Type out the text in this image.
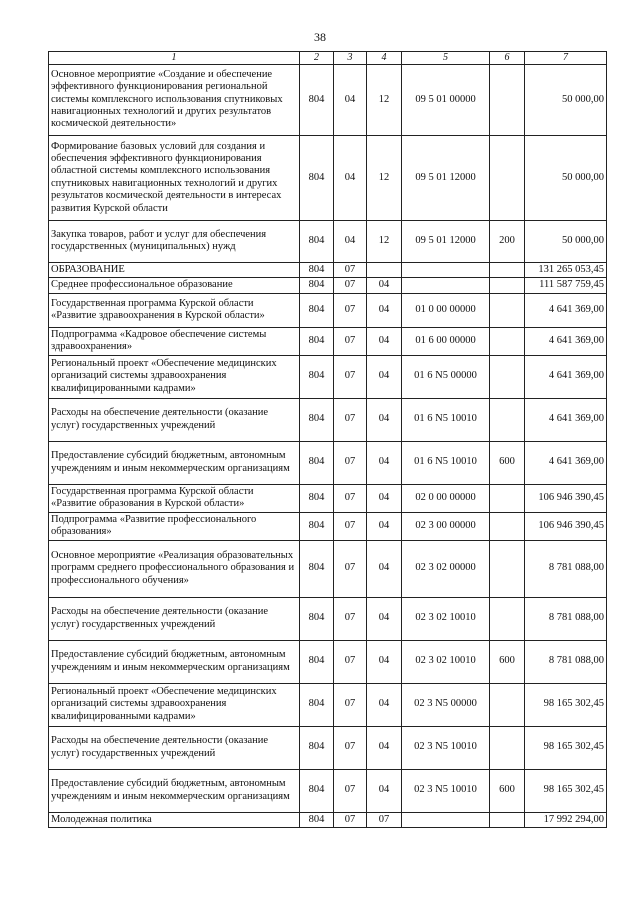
38
1	2	3	4	5	6	7
Основное мероприятие «Создание и обеспечение эффективного функционирования региональной системы комплексного использования спутниковых навигационных технологий и других результатов космической деятельности»	804	04	12	09 5 01 00000		50 000,00
Формирование базовых условий для создания и обеспечения эффективного функционирования областной системы комплексного использования спутниковых навигационных технологий и других результатов космической деятельности в интересах развития Курской области	804	04	12	09 5 01 12000		50 000,00
Закупка товаров, работ и услуг для обеспечения государственных (муниципальных) нужд	804	04	12	09 5 01 12000	200	50 000,00
ОБРАЗОВАНИЕ	804	07				131 265 053,45
Среднее профессиональное образование	804	07	04			111 587 759,45
Государственная программа Курской области «Развитие здравоохранения в Курской области»	804	07	04	01 0 00 00000		4 641 369,00
Подпрограмма «Кадровое обеспечение системы здравоохранения»	804	07	04	01 6 00 00000		4 641 369,00
Региональный проект «Обеспечение медицинских организаций системы здравоохранения квалифицированными кадрами»	804	07	04	01 6 N5 00000		4 641 369,00
Расходы на обеспечение деятельности (оказание услуг) государственных учреждений	804	07	04	01 6 N5 10010		4 641 369,00
Предоставление субсидий бюджетным, автономным учреждениям и иным некоммерческим организациям	804	07	04	01 6 N5 10010	600	4 641 369,00
Государственная программа Курской области «Развитие образования в Курской области»	804	07	04	02 0 00 00000		106 946 390,45
Подпрограмма «Развитие профессионального образования»	804	07	04	02 3 00 00000		106 946 390,45
Основное мероприятие «Реализация образовательных программ среднего профессионального образования и профессионального обучения»	804	07	04	02 3 02 00000		8 781 088,00
Расходы на обеспечение деятельности (оказание услуг) государственных учреждений	804	07	04	02 3 02 10010		8 781 088,00
Предоставление субсидий бюджетным, автономным учреждениям и иным некоммерческим организациям	804	07	04	02 3 02 10010	600	8 781 088,00
Региональный проект «Обеспечение медицинских организаций системы здравоохранения квалифицированными кадрами»	804	07	04	02 3 N5 00000		98 165 302,45
Расходы на обеспечение деятельности (оказание услуг) государственных учреждений	804	07	04	02 3 N5 10010		98 165 302,45
Предоставление субсидий бюджетным, автономным учреждениям и иным некоммерческим организациям	804	07	04	02 3 N5 10010	600	98 165 302,45
Молодежная политика	804	07	07			17 992 294,00
